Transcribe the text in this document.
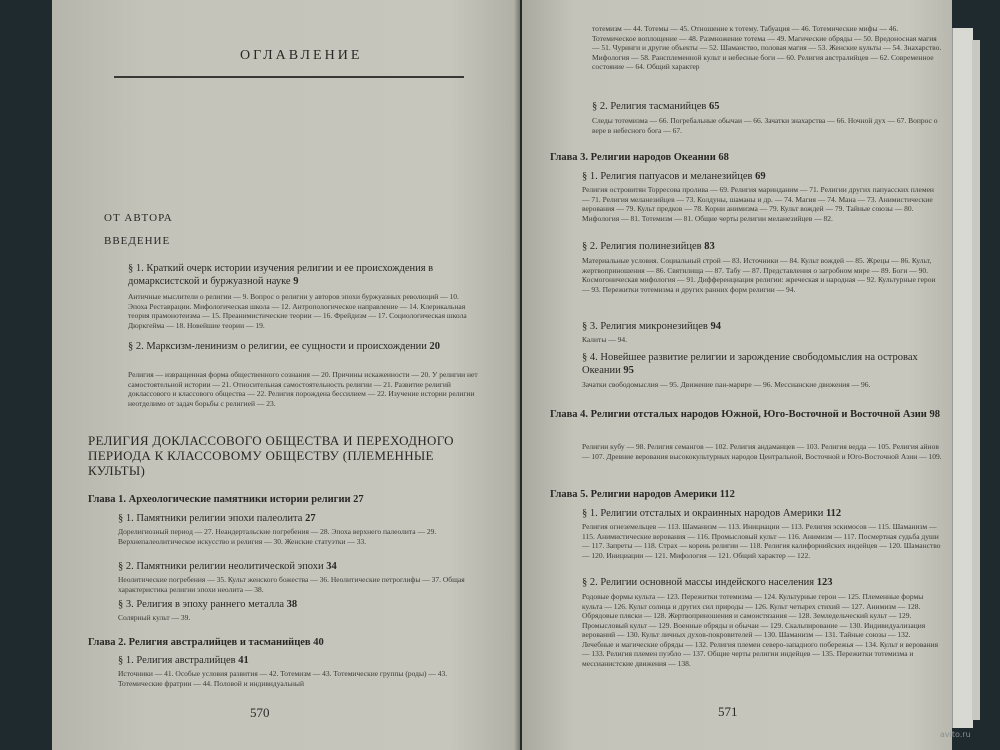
ОГЛАВЛЕНИЕ
ОТ АВТОРА
ВВЕДЕНИЕ
§ 1. Краткий очерк истории изучения религии и ее происхождения в домарксистской и буржуазной науке 9
Античные мыслители о религии — 9. Вопрос о религии у авторов эпохи буржуазных революций — 10. Эпоха Реставрации. Мифологическая школа — 12. Антропологическое направление — 14. Клерикальная теория прамонотеизма — 15. Преанимистические теории — 16. Фрейдизм — 17. Социологическая школа Дюркгейма — 18. Новейшие теории — 19.
§ 2. Марксизм-ленинизм о религии, ее сущности и происхождении 20
Религия — извращенная форма общественного сознания — 20. Причины искаженности — 20. У религии нет самостоятельной истории — 21. Относительная самостоятельность религии — 21. Развитие религий доклассового и классового общества — 22. Религия порождена бессилием — 22. Изучение истории религии неотделимо от задач борьбы с религией — 23.
РЕЛИГИЯ ДОКЛАССОВОГО ОБЩЕСТВА И ПЕРЕХОДНОГО ПЕРИОДА К КЛАССОВОМУ ОБЩЕСТВУ (ПЛЕМЕННЫЕ КУЛЬТЫ)
Глава 1. Археологические памятники истории религии 27
§ 1. Памятники религии эпохи палеолита 27
Дорелигиозный период — 27. Неандертальские погребения — 28. Эпоха верхнего палеолита — 29. Верхнепалеолитическое искусство и религия — 30. Женские статуэтки — 33.
§ 2. Памятники религии неолитической эпохи 34
Неолитические погребения — 35. Культ женского божества — 36. Неолитические петроглифы — 37. Общая характеристика религии эпохи неолита — 38.
§ 3. Религия в эпоху раннего металла 38
Солярный культ — 39.
Глава 2. Религия австралийцев и тасманийцев 40
§ 1. Религия австралийцев 41
Источники — 41. Особые условия развития — 42. Тотемизм — 43. Тотемические группы (роды) — 43. Тотемические фратрии — 44. Половой и индивидуальный
570
тотемизм — 44. Тотемы — 45. Отношение к тотему. Табуация — 46. Тотемические мифы — 46. Тотемическое воплощение — 48. Размножение тотема — 49. Магические обряды — 50. Вредоносная магия — 51. Чуринги и другие объекты — 52. Шаманство, половая магия — 53. Женские культы — 54. Знахарство. Мифология — 58. Рансплеменной культ и небесные боги — 60. Религия австралийцев — 62. Современное состояние — 64. Общий характер
§ 2. Религия тасманийцев 65
Следы тотемизма — 66. Погребальные обычаи — 66. Зачатки знахарства — 66. Ночной дух — 67. Вопрос о вере в небесного бога — 67.
Глава 3. Религии народов Океании 68
§ 1. Религия папуасов и меланезийцев 69
Религия островитян Торресова пролива — 69. Религия маринданим — 71. Религии других папуасских племен — 71. Религия меланезийцев — 73. Колдуны, шаманы и др. — 74. Магия — 74. Мана — 73. Анимистические верования — 79. Культ предков — 78. Корни анимизма — 79. Культ вождей — 79. Тайные союзы — 80. Мифология — 81. Тотемизм — 81. Общие черты религии меланезийцев — 82.
§ 2. Религия полинезийцев 83
Материальные условия. Социальный строй — 83. Источники — 84. Культ вождей — 85. Жрецы — 86. Культ, жертвоприношения — 86. Святилища — 87. Табу — 87. Представления о загробном мире — 89. Боги — 90. Космогоническая мифология — 91. Дифференциация религии: жреческая и народная — 92. Культурные герои — 93. Пережитки тотемизма и других ранних форм религии — 94.
§ 3. Религия микронезийцев 94
Калиты — 94.
§ 4. Новейшее развитие религии и зарождение свободомыслия на островах Океании 95
Зачатки свободомыслия — 95. Движение пан-марире — 96. Мессианские движения — 96.
Глава 4. Религии отсталых народов Южной, Юго-Восточной и Восточной Азии 98
Религии кубу — 98. Религия семангов — 102. Религия андаманцев — 103. Религия ведда — 105. Религия айнов — 107. Древние верования высококультурных народов Центральной, Восточной и Юго-Восточной Азии — 109.
Глава 5. Религии народов Америки 112
§ 1. Религии отсталых и окраинных народов Америки 112
Религия огнеземельцев — 113. Шаманизм — 113. Инициации — 113. Религия эскимосов — 115. Шаманизм — 115. Анимистические верования — 116. Промысловый культ — 116. Анимизм — 117. Посмертная судьба души — 117. Запреты — 118. Страх — корень религии — 118. Религия калифорнийских индейцев — 120. Шаманство — 120. Инициации — 121. Мифология — 121. Общий характер — 122.
§ 2. Религии основной массы индейского населения 123
Родовые формы культа — 123. Пережитки тотемизма — 124. Культурные герои — 125. Племенные формы культа — 126. Культ солнца и других сил природы — 126. Культ четырех стихий — 127. Анимизм — 128. Обрядовые пляски — 128. Жертвоприношения и самоистязания — 128. Земледельческий культ — 129. Промысловый культ — 129. Военные обряды и обычаи — 129. Скальпирование — 130. Индивидуализация верований — 130. Культ личных духов-покровителей — 130. Шаманизм — 131. Тайные союзы — 132. Лечебные и магические обряды — 132. Религия племен северо-западного побережья — 134. Культ и верования — 133. Религия племен пуэбло — 137. Общие черты религии индейцев — 135. Пережитки тотемизма и мессианистские движения — 138.
571
avito.ru
